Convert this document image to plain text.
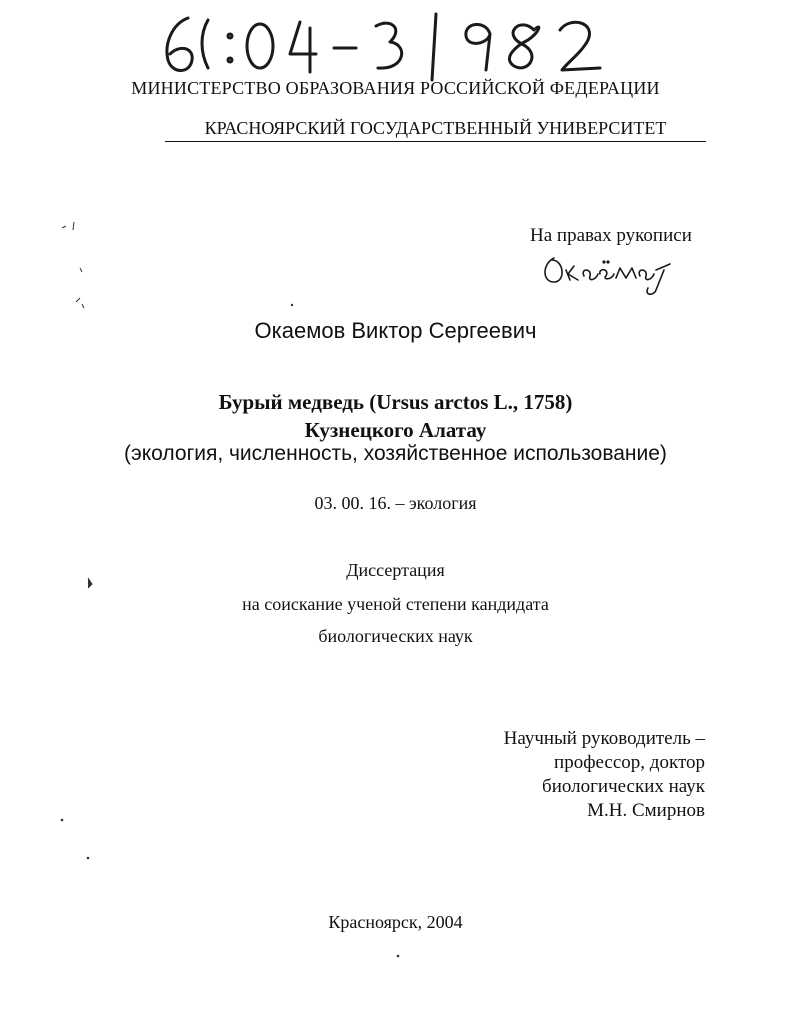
МИНИСТЕРСТВО ОБРАЗОВАНИЯ РОССИЙСКОЙ ФЕДЕРАЦИИ
КРАСНОЯРСКИЙ ГОСУДАРСТВЕННЫЙ УНИВЕРСИТЕТ
На правах рукописи
Окаемов Виктор Сергеевич
Бурый медведь (Ursus arctos L., 1758)
Кузнецкого Алатау
(экология, численность, хозяйственное использование)
03. 00. 16. – экология
Диссертация
на соискание ученой степени кандидата
биологических наук
Научный руководитель –
профессор, доктор
биологических наук
М.Н. Смирнов
Красноярск, 2004
